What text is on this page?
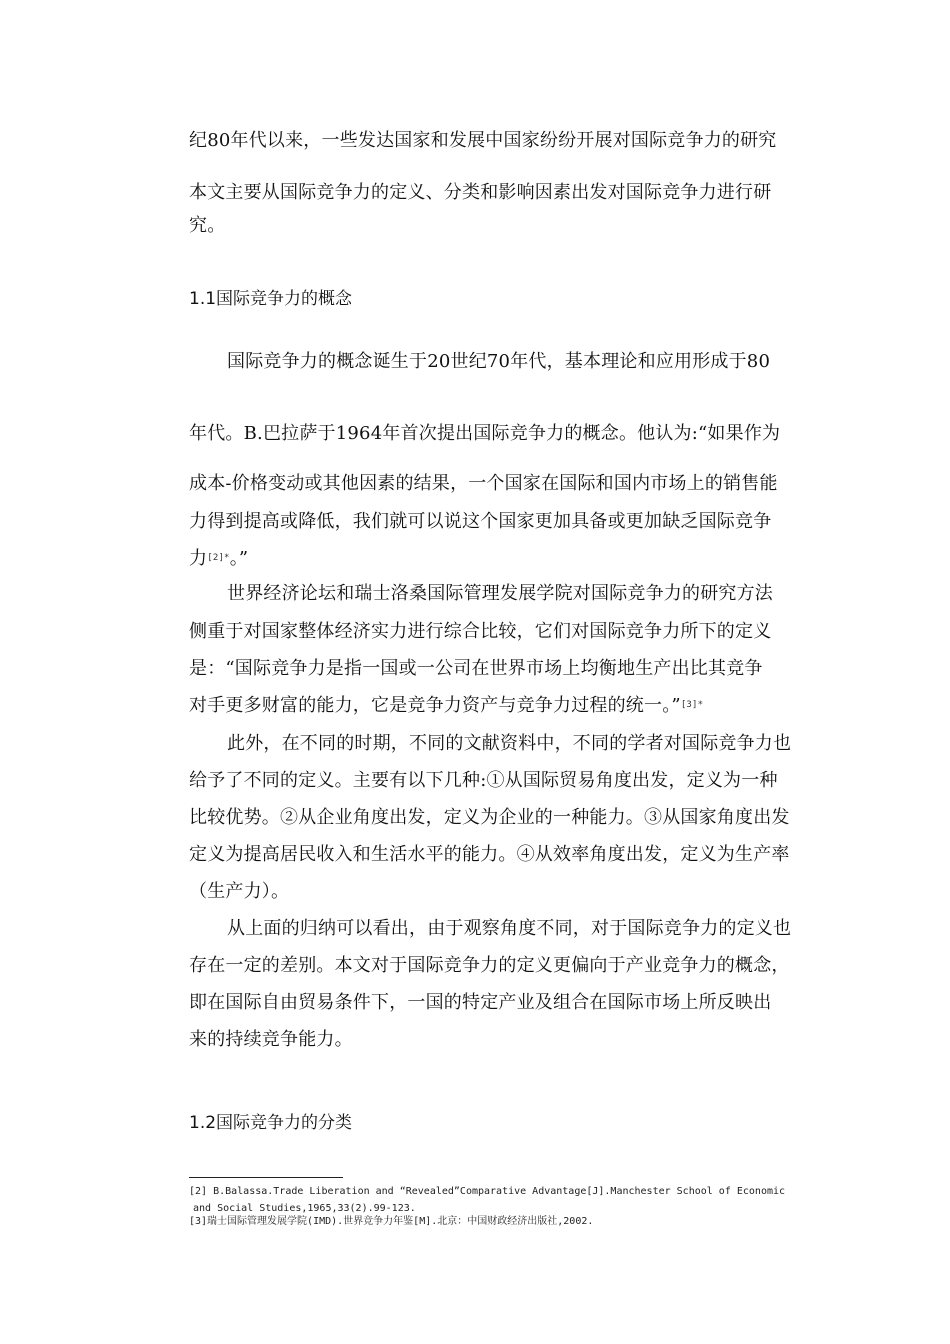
纪80年代以来，一些发达国家和发展中国家纷纷开展对国际竞争力的研究
本文主要从国际竞争力的定义、分类和影响因素出发对国际竞争力进行研
究。
1.1国际竞争力的概念
国际竞争力的概念诞生于20世纪70年代，基本理论和应用形成于80
年代。B.巴拉萨于1964年首次提出国际竞争力的概念。他认为:“如果作为
成本-价格变动或其他因素的结果，一个国家在国际和国内市场上的销售能
力得到提高或降低，我们就可以说这个国家更加具备或更加缺乏国际竞争
力$^{[2]*}$。”
世界经济论坛和瑞士洛桑国际管理发展学院对国际竞争力的研究方法
侧重于对国家整体经济实力进行综合比较，它们对国际竞争力所下的定义
是：“国际竞争力是指一国或一公司在世界市场上均衡地生产出比其竞争
对手更多财富的能力，它是竞争力资产与竞争力过程的统一。”$^{[3]*}$
此外，在不同的时期，不同的文献资料中，不同的学者对国际竞争力也
给予了不同的定义。主要有以下几种:①从国际贸易角度出发，定义为一种
比较优势。②从企业角度出发，定义为企业的一种能力。③从国家角度出发
定义为提高居民收入和生活水平的能力。④从效率角度出发，定义为生产率
（生产力）。
从上面的归纳可以看出，由于观察角度不同，对于国际竞争力的定义也
存在一定的差别。本文对于国际竞争力的定义更偏向于产业竞争力的概念，
即在国际自由贸易条件下，一国的特定产业及组合在国际市场上所反映出
来的持续竞争能力。
1.2国际竞争力的分类
[2] B.Balassa.Trade Liberation and “Revealed”Comparative Advantage[J].Manchester School of Economic
and Social Studies,1965,33(2).99-123.
[3]瑞士国际管理发展学院(IMD).世界竞争力年鉴[M].北京：中国财政经济出版社,2002.
